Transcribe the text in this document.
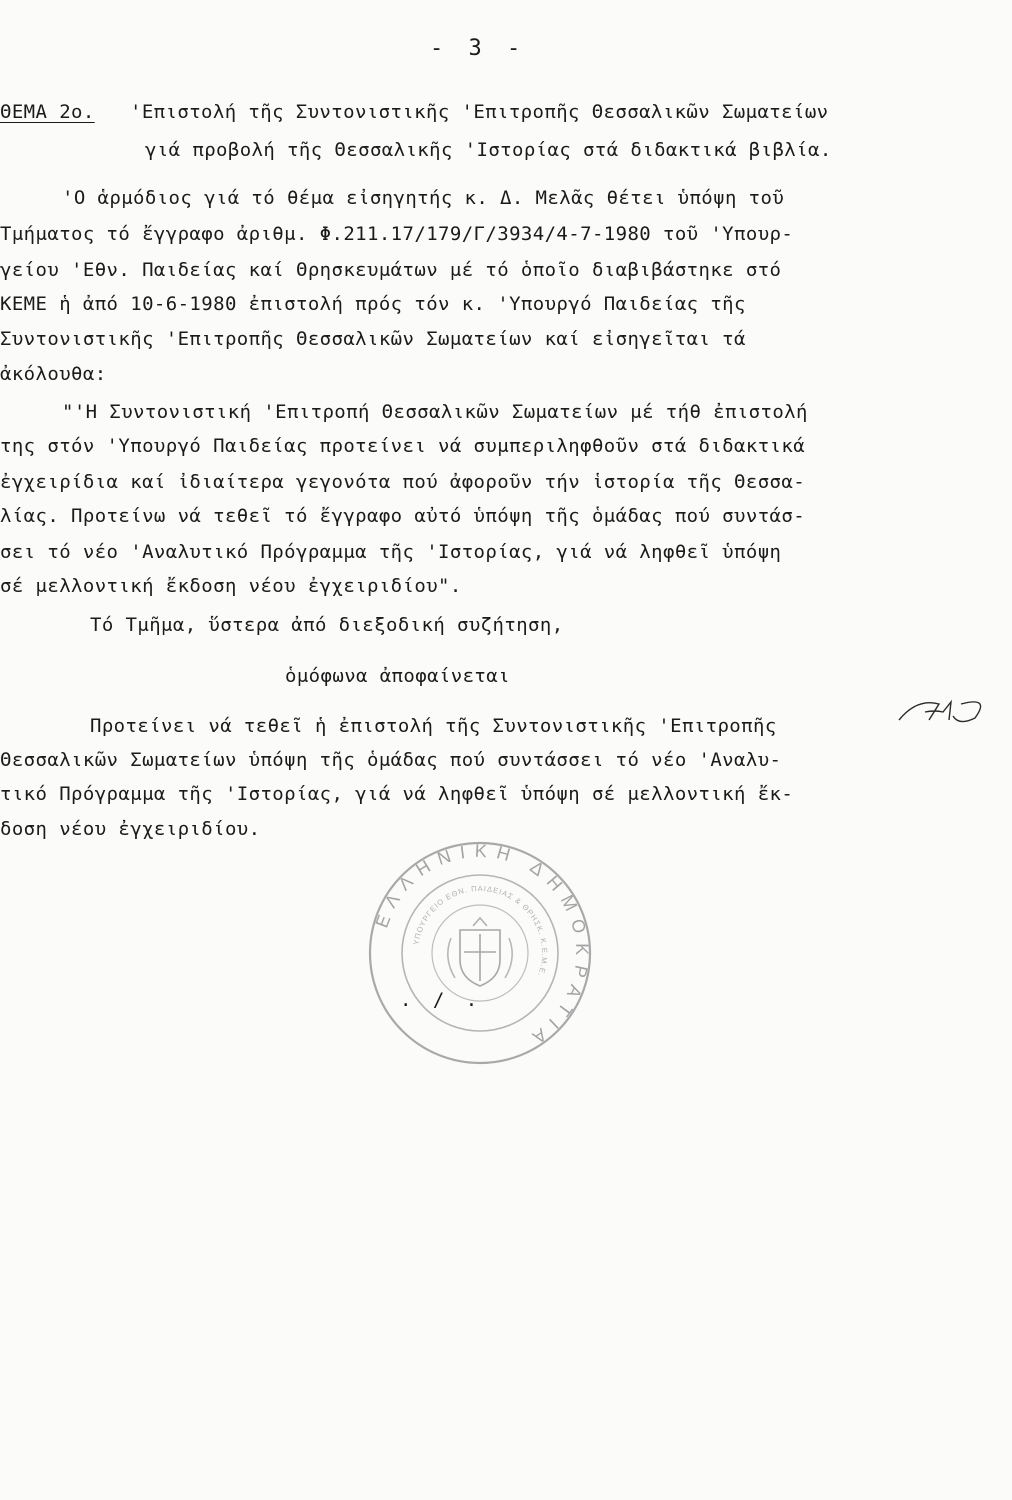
- 3 -
ΘΕΜΑ 2ο. 'Επιστολή τῆς Συντονιστικῆς 'Επιτροπῆς Θεσσαλικῶν Σωματείων
γιά προβολή τῆς Θεσσαλικῆς 'Ιστορίας στά διδακτικά βιβλία.
'Ο ἁρμόδιος γιά τό θέμα εἰσηγητής κ. Δ. Μελᾶς θέτει ὑπόψη τοῦ
Τμήματος τό ἔγγραφο ἀριθμ. Φ.211.17/179/Γ/3934/4-7-1980 τοῦ 'Υπουρ-
γείου 'Εθν. Παιδείας καί Θρησκευμάτων μέ τό ὁποῖο διαβιβάστηκε στό
ΚΕΜΕ ἡ ἀπό 10-6-1980 ἐπιστολή πρός τόν κ. 'Υπουργό Παιδείας τῆς
Συντονιστικῆς 'Επιτροπῆς Θεσσαλικῶν Σωματείων καί εἰσηγεῖται τά
ἀκόλουθα:
"'Η Συντονιστική 'Επιτροπή Θεσσαλικῶν Σωματείων μέ τήθ ἐπιστολή
της στόν 'Υπουργό Παιδείας προτείνει νά συμπεριληφθοῦν στά διδακτικά
ἐγχειρίδια καί ἰδιαίτερα γεγονότα πού ἀφοροῦν τήν ἱστορία τῆς Θεσσα-
λίας. Προτείνω νά τεθεῖ τό ἔγγραφο αὐτό ὑπόψη τῆς ὁμάδας πού συντάσ-
σει τό νέο 'Αναλυτικό Πρόγραμμα τῆς 'Ιστορίας, γιά νά ληφθεῖ ὑπόψη
σέ μελλοντική ἔκδοση νέου ἐγχειριδίου".
Τό Τμῆμα, ὕστερα ἀπό διεξοδική συζήτηση,
ὁμόφωνα ἀποφαίνεται
Προτείνει νά τεθεῖ ἡ ἐπιστολή τῆς Συντονιστικῆς 'Επιτροπῆς
Θεσσαλικῶν Σωματείων ὑπόψη τῆς ὁμάδας πού συντάσσει τό νέο 'Αναλυ-
τικό Πρόγραμμα τῆς 'Ιστορίας, γιά νά ληφθεῖ ὑπόψη σέ μελλοντική ἔκ-
δοση νέου ἐγχειριδίου.
ΕΛΛΗΝΙΚΗ ΔΗΜΟΚΡΑΤΙΑ
ΥΠΟΥΡΓΕΙΟ ΕΘΝ. ΠΑΙΔΕΙΑΣ & ΘΡΗΣΚ. Κ.Ε.Μ.Ε.
. / .
